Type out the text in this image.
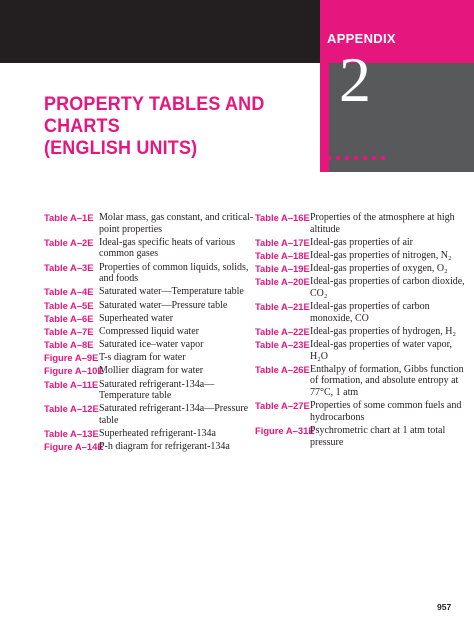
APPENDIX
2
PROPERTY TABLES AND CHARTS
(ENGLISH UNITS)
Table A–1E Molar mass, gas constant, and critical-point properties
Table A–2E Ideal-gas specific heats of various common gases
Table A–3E Properties of common liquids, solids, and foods
Table A–4E Saturated water—Temperature table
Table A–5E Saturated water—Pressure table
Table A–6E Superheated water
Table A–7E Compressed liquid water
Table A–8E Saturated ice–water vapor
Figure A–9E T-s diagram for water
Figure A–10E
Mollier diagram for water
Table A–11E Saturated refrigerant-134a—Temperature table
Table A–12E Saturated refrigerant-134a—Pressure table
Table A–13E Superheated refrigerant-134a
Figure A–14E
P-h diagram for refrigerant-134a
Table A–16E Properties of the atmosphere at high altitude
Table A–17E Ideal-gas properties of air
Table A–18E Ideal-gas properties of nitrogen, N₂
Table A–19E Ideal-gas properties of oxygen, O₂
Table A–20E Ideal-gas properties of carbon dioxide, CO₂
Table A–21E Ideal-gas properties of carbon monoxide, CO
Table A–22E Ideal-gas properties of hydrogen, H₂
Table A–23E Ideal-gas properties of water vapor, H₂O
Table A–26E Enthalpy of formation, Gibbs function of formation, and absolute entropy at 77°C, 1 atm
Table A–27E Properties of some common fuels and hydrocarbons
Figure A–31E
Psychrometric chart at 1 atm total pressure
957
